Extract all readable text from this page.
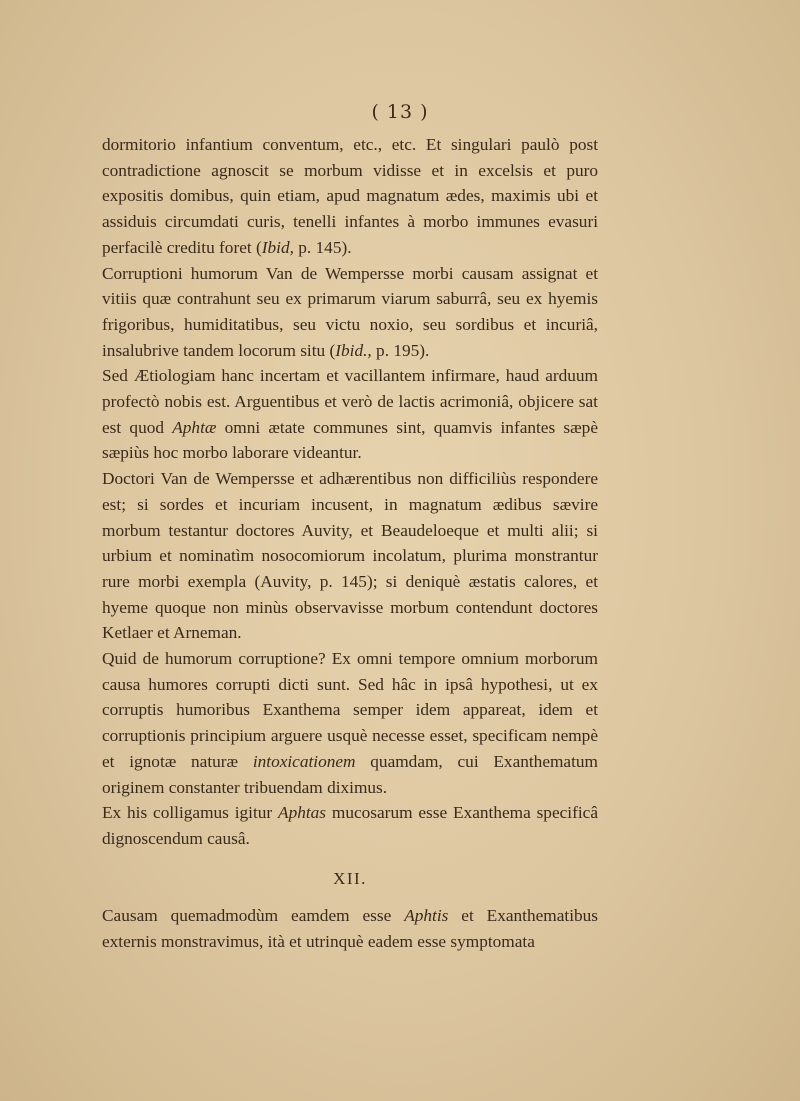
( 13 )

dormitorio infantium conventum, etc., etc. Et singulari paulò post contradictione agnoscit se morbum vidisse et in excelsis et puro expositis domibus, quin etiam, apud magnatum ædes, maximis ubi et assiduis circumdati curis, tenelli infantes à morbo immunes evasuri perfacilè creditu foret (Ibid, p. 145).

Corruptioni humorum Van de Wempersse morbi causam assignat et vitiis quæ contrahunt seu ex primarum viarum saburrâ, seu ex hyemis frigoribus, humiditatibus, seu victu noxio, seu sordibus et incuriâ, insalubrive tandem locorum situ (Ibid., p. 195).

Sed Ætiologiam hanc incertam et vacillantem infirmare, haud arduum profectò nobis est. Arguentibus et verò de lactis acrimoniâ, objicere sat est quod Aphtæ omni ætate communes sint, quamvis infantes sæpè sæpiùs hoc morbo laborare videantur.

Doctori Van de Wempersse et adhærentibus non difficiliùs respondere est; si sordes et incuriam incusent, in magnatum ædibus sævire morbum testantur doctores Auvity, et Beaudeloeque et multi alii; si urbium et nominatìm nosocomiorum incolatum, plurima monstrantur rure morbi exempla (Auvity, p. 145); si deniquè æstatis calores, et hyeme quoque non minùs observavisse morbum contendunt doctores Ketlaer et Arneman.

Quid de humorum corruptione? Ex omni tempore omnium morborum causa humores corrupti dicti sunt. Sed hâc in ipsâ hypothesi, ut ex corruptis humoribus Exanthema semper idem appareat, idem et corruptionis principium arguere usquè necesse esset, specificam nempè et ignotæ naturæ intoxicationem quamdam, cui Exanthematum originem constanter tribuendam diximus.

Ex his colligamus igitur Aphtas mucosarum esse Exanthema specificâ dignoscendum causâ.

XII.

Causam quemadmodùm eamdem esse Aphtis et Exanthematibus externis monstravimus, ità et utrinquè eadem esse symptomata
